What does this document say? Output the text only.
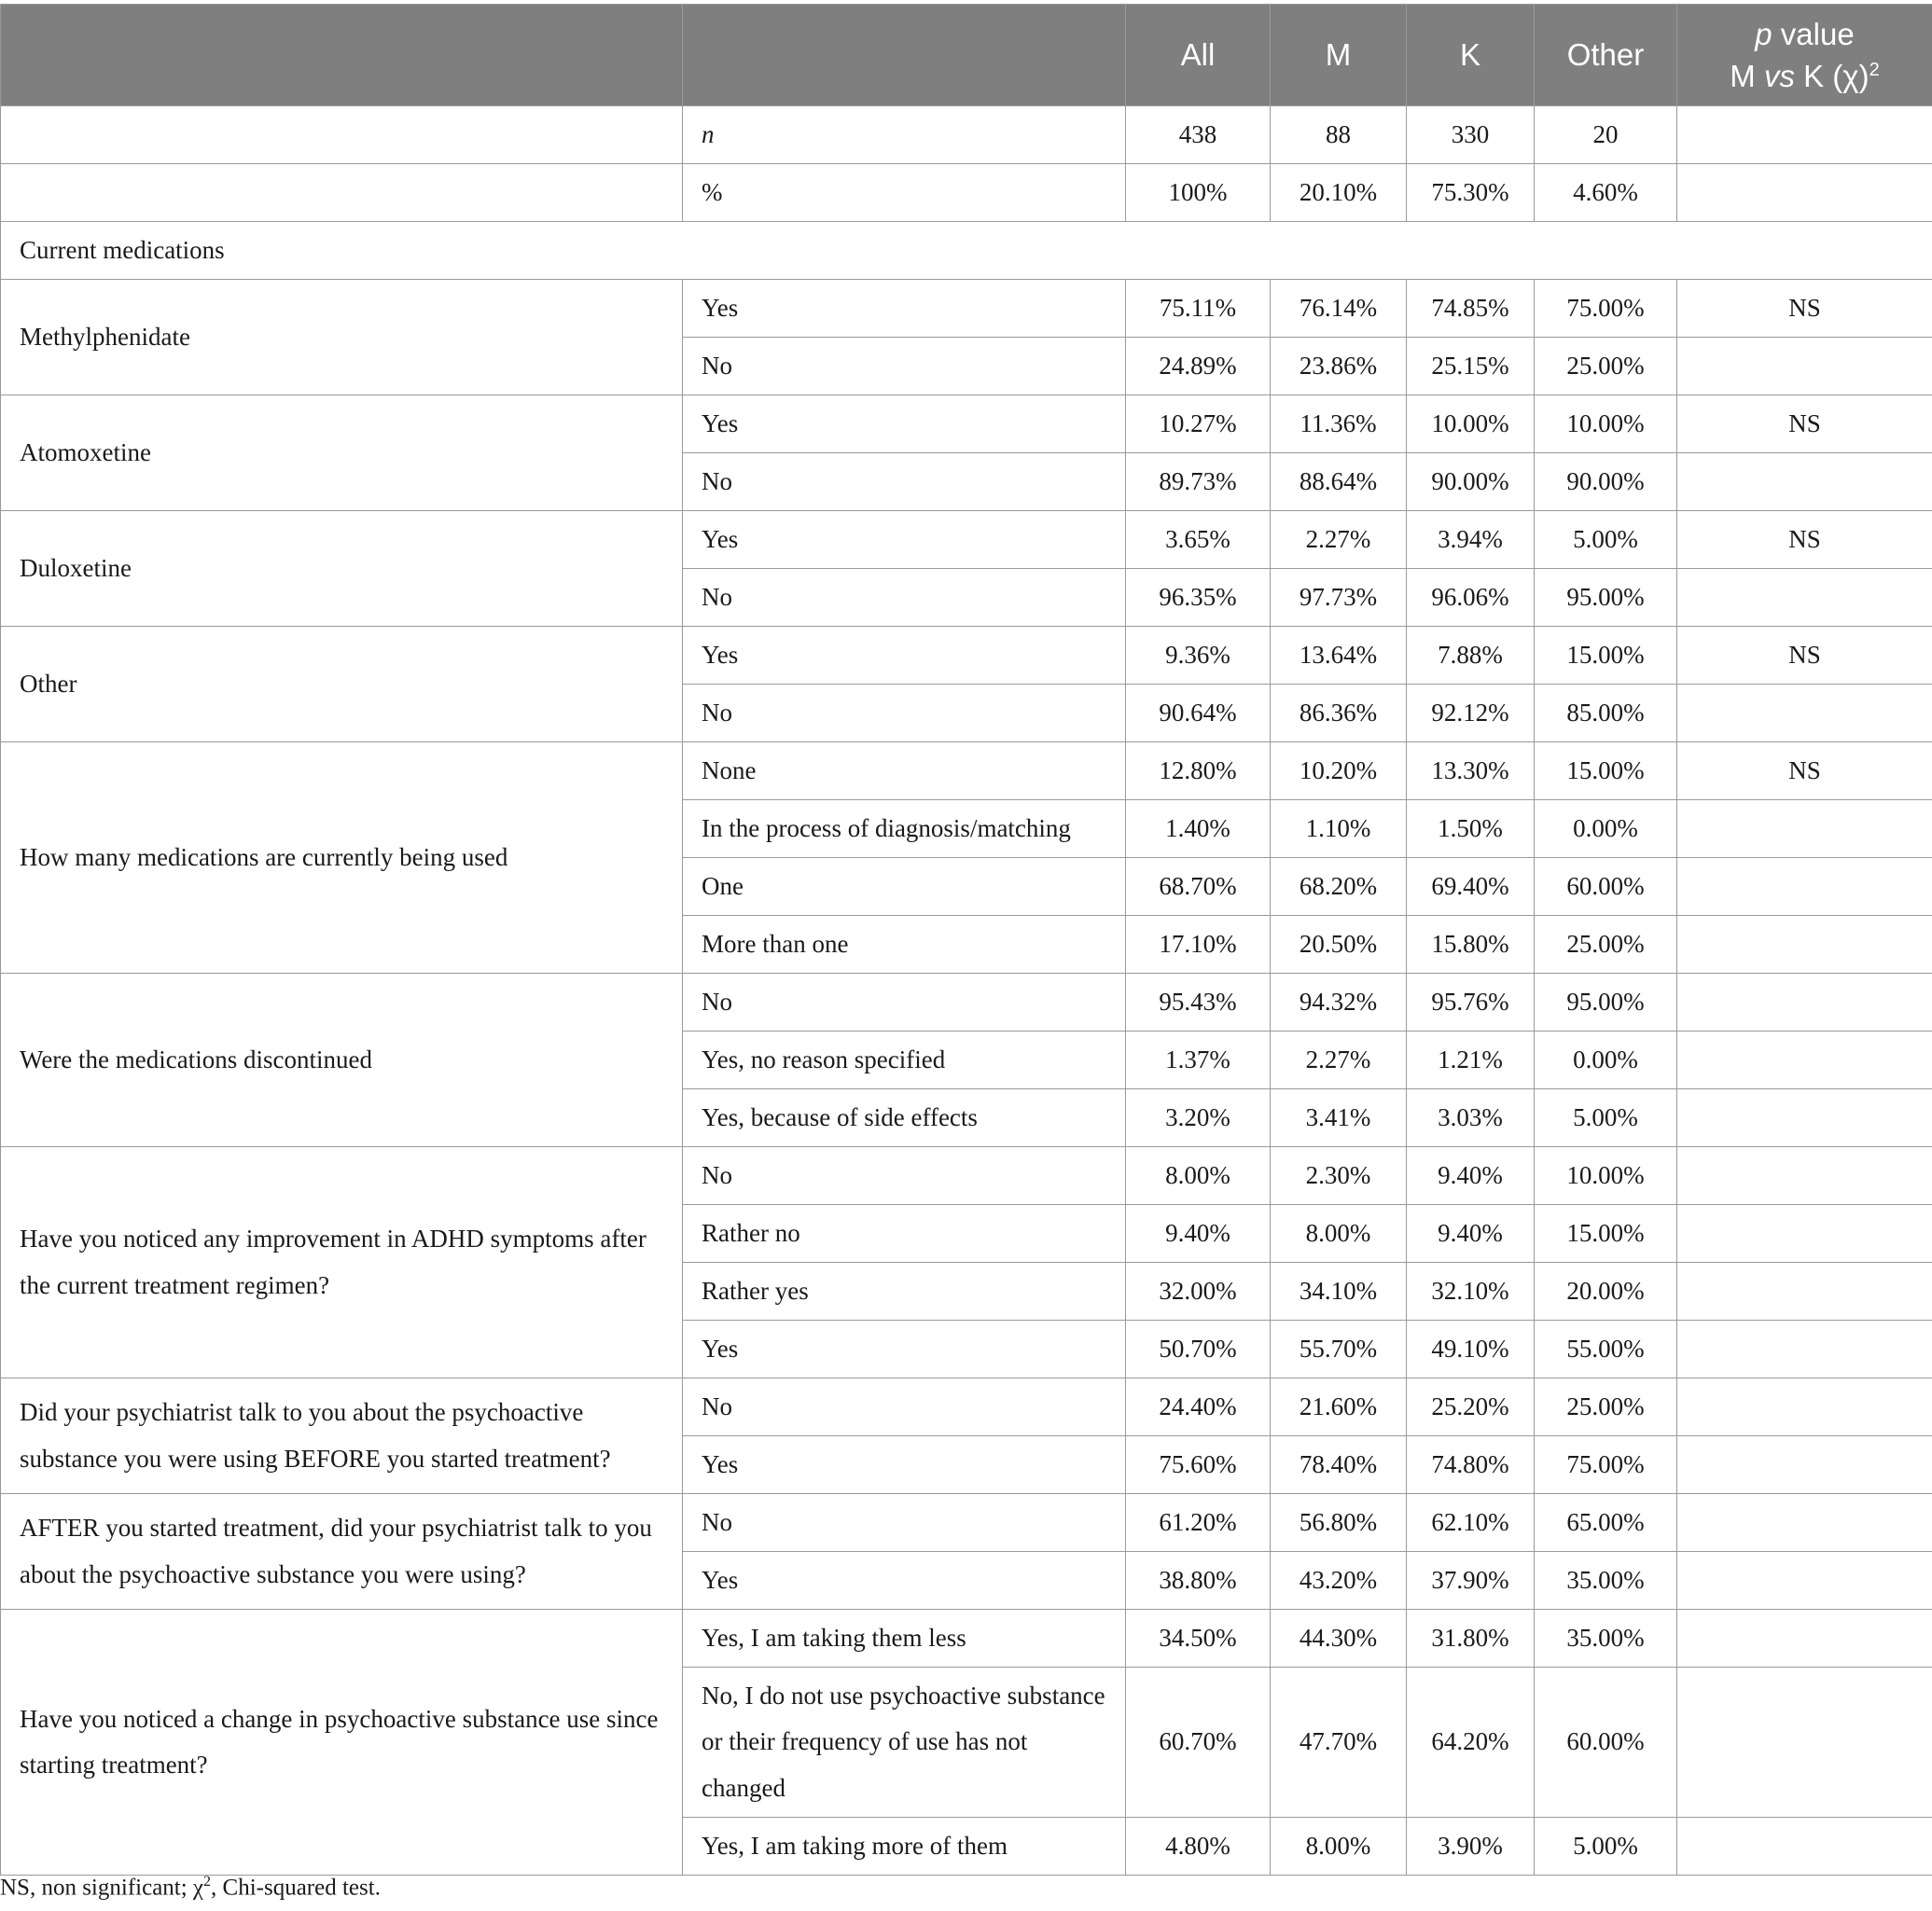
		All	M	K	Other	p value
M vs K $(\chi)^2$

	n	438	88	330	20	
	%	100%	20.10%	75.30%	4.60%	
Current medications						
Methylphenidate	Yes	75.11%	76.14%	74.85%	75.00%	NS
	No	24.89%	23.86%	25.15%	25.00%	
Atomoxetine	Yes	10.27%	11.36%	10.00%	10.00%	NS
	No	89.73%	88.64%	90.00%	90.00%	
Duloxetine	Yes	3.65%	2.27%	3.94%	5.00%	NS
	No	96.35%	97.73%	96.06%	95.00%	
Other	Yes	9.36%	13.64%	7.88%	15.00%	NS
	No	90.64%	86.36%	92.12%	85.00%	
How many medications are currently being used	None	12.80%	10.20%	13.30%	15.00%	NS
	In the process of diagnosis/matching	1.40%	1.10%	1.50%	0.00%	
	One	68.70%	68.20%	69.40%	60.00%	
	More than one	17.10%	20.50%	15.80%	25.00%	
Were the medications discontinued	No	95.43%	94.32%	95.76%	95.00%	
	Yes, no reason specified	1.37%	2.27%	1.21%	0.00%	
	Yes, because of side effects	3.20%	3.41%	3.03%	5.00%	
Have you noticed any improvement in ADHD symptoms after the current treatment regimen?	No	8.00%	2.30%	9.40%	10.00%	
	Rather no	9.40%	8.00%	9.40%	15.00%	
	Rather yes	32.00%	34.10%	32.10%	20.00%	
	Yes	50.70%	55.70%	49.10%	55.00%	
Did your psychiatrist talk to you about the psychoactive substance you were using BEFORE you started treatment?	No	24.40%	21.60%	25.20%	25.00%	
	Yes	75.60%	78.40%	74.80%	75.00%	
AFTER you started treatment, did your psychiatrist talk to you about the psychoactive substance you were using?	No	61.20%	56.80%	62.10%	65.00%	
	Yes	38.80%	43.20%	37.90%	35.00%	
Have you noticed a change in psychoactive substance use since starting treatment?	Yes, I am taking them less	34.50%	44.30%	31.80%	35.00%	
	No, I do not use psychoactive substance or their frequency of use has not changed	60.70%	47.70%	64.20%	60.00%	
	Yes, I am taking more of them	4.80%	8.00%	3.90%	5.00%	
NS, non significant; $\chi^2$, Chi-squared test.
